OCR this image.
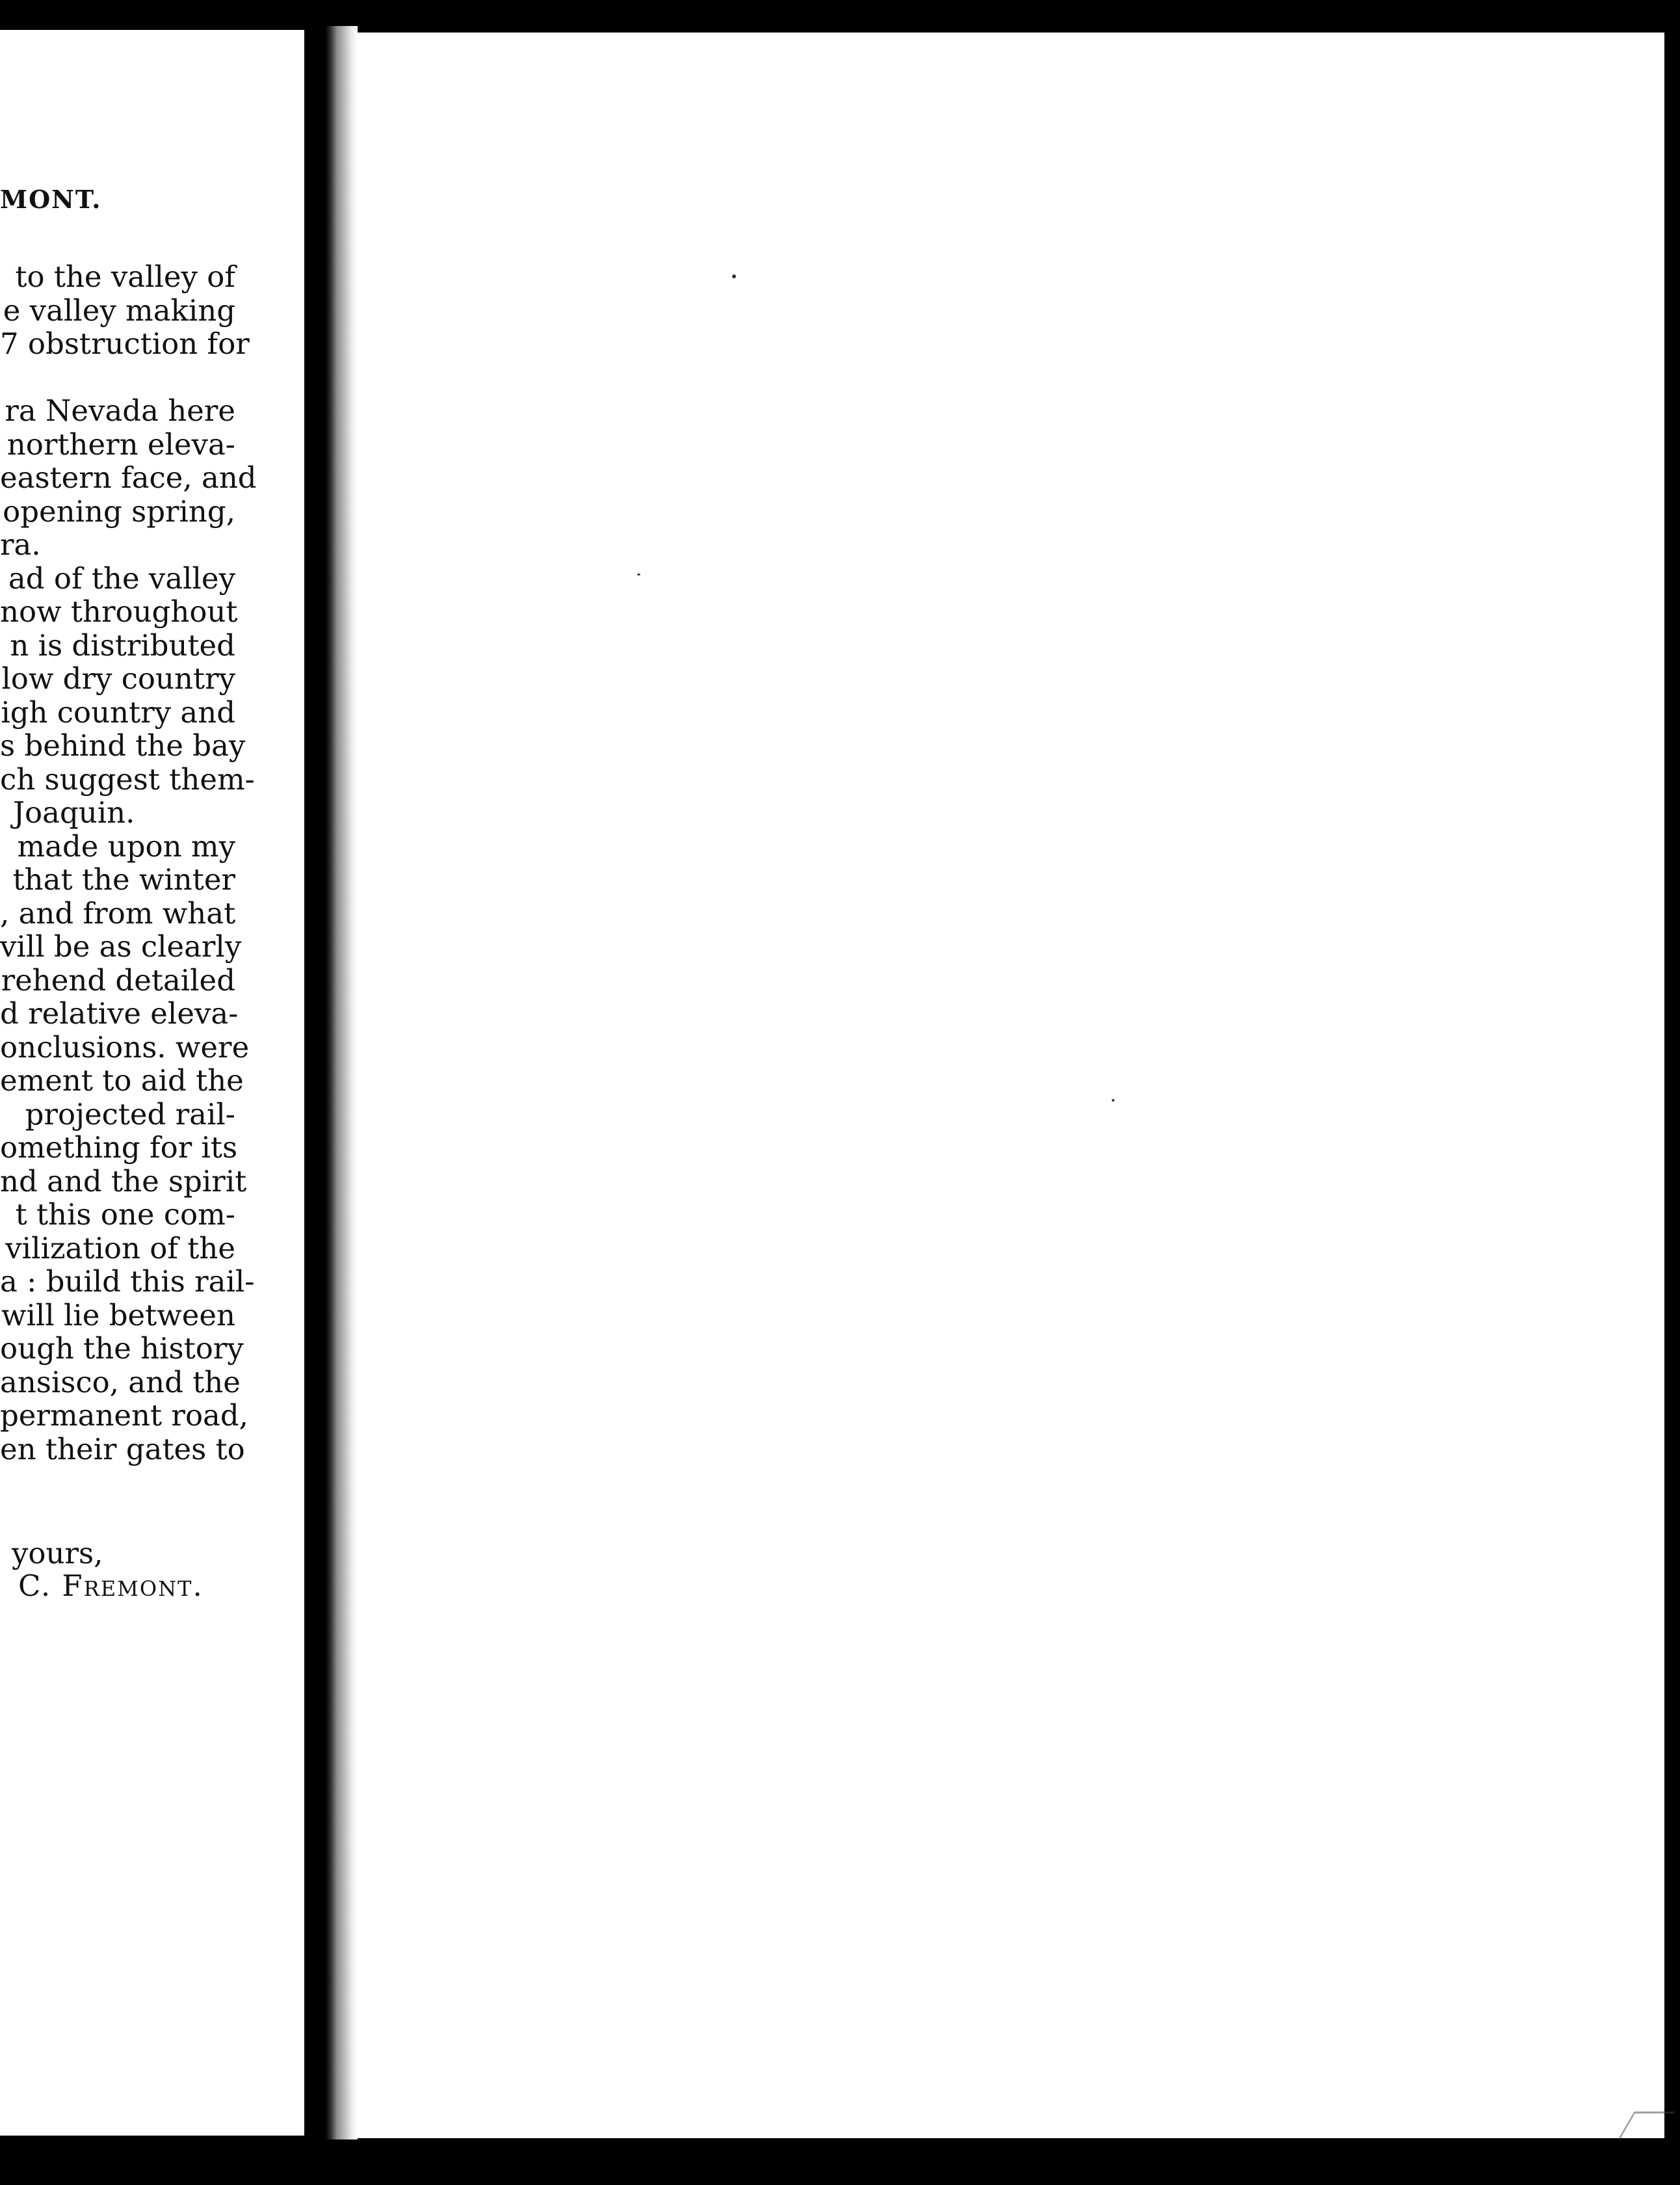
MONT.
to the valley of
e valley making
7 obstruction for
ra Nevada here
northern eleva-
eastern face, and
opening spring,
ra.
ad of the valley
now throughout
n is distributed
low dry country
igh country and
s behind the bay
ch suggest them-
Joaquin.
made upon my
that the winter
, and from what
vill be as clearly
rehend detailed
d relative eleva-
onclusions. were
ement to aid the
projected rail-
omething for its
nd and the spirit
t this one com-
vilization of the
a : build this rail-
will lie between
ough the history
ansisco, and the
permanent road,
en their gates to
yours,
C. Fremont.
